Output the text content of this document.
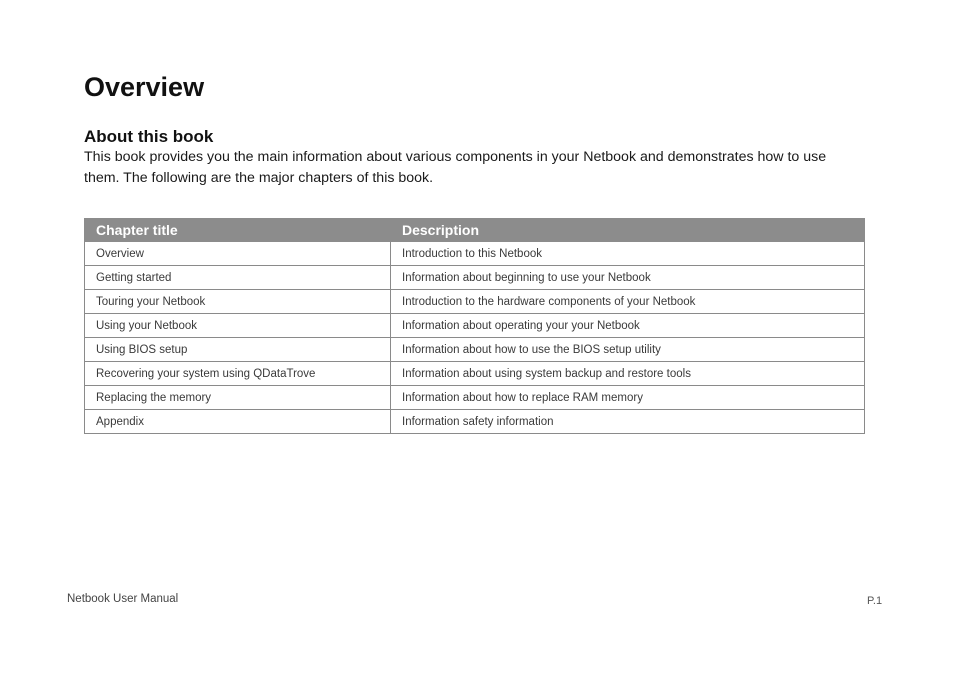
Overview
About this book

This book provides you the main information about various components in your Netbook and demonstrates how to use them. The following are the major chapters of this book.

Chapter title	Description
Overview	Introduction to this Netbook
Getting started	Information about beginning to use your Netbook
Touring your Netbook	Introduction to the hardware components of your Netbook
Using your Netbook	Information about operating your your Netbook
Using BIOS setup	Information about how to use the BIOS setup utility
Recovering your system using QDataTrove	Information about using system backup and restore tools
Replacing the memory	Information about how to replace RAM memory
Appendix	Information safety information

Netbook User Manual	P.1
